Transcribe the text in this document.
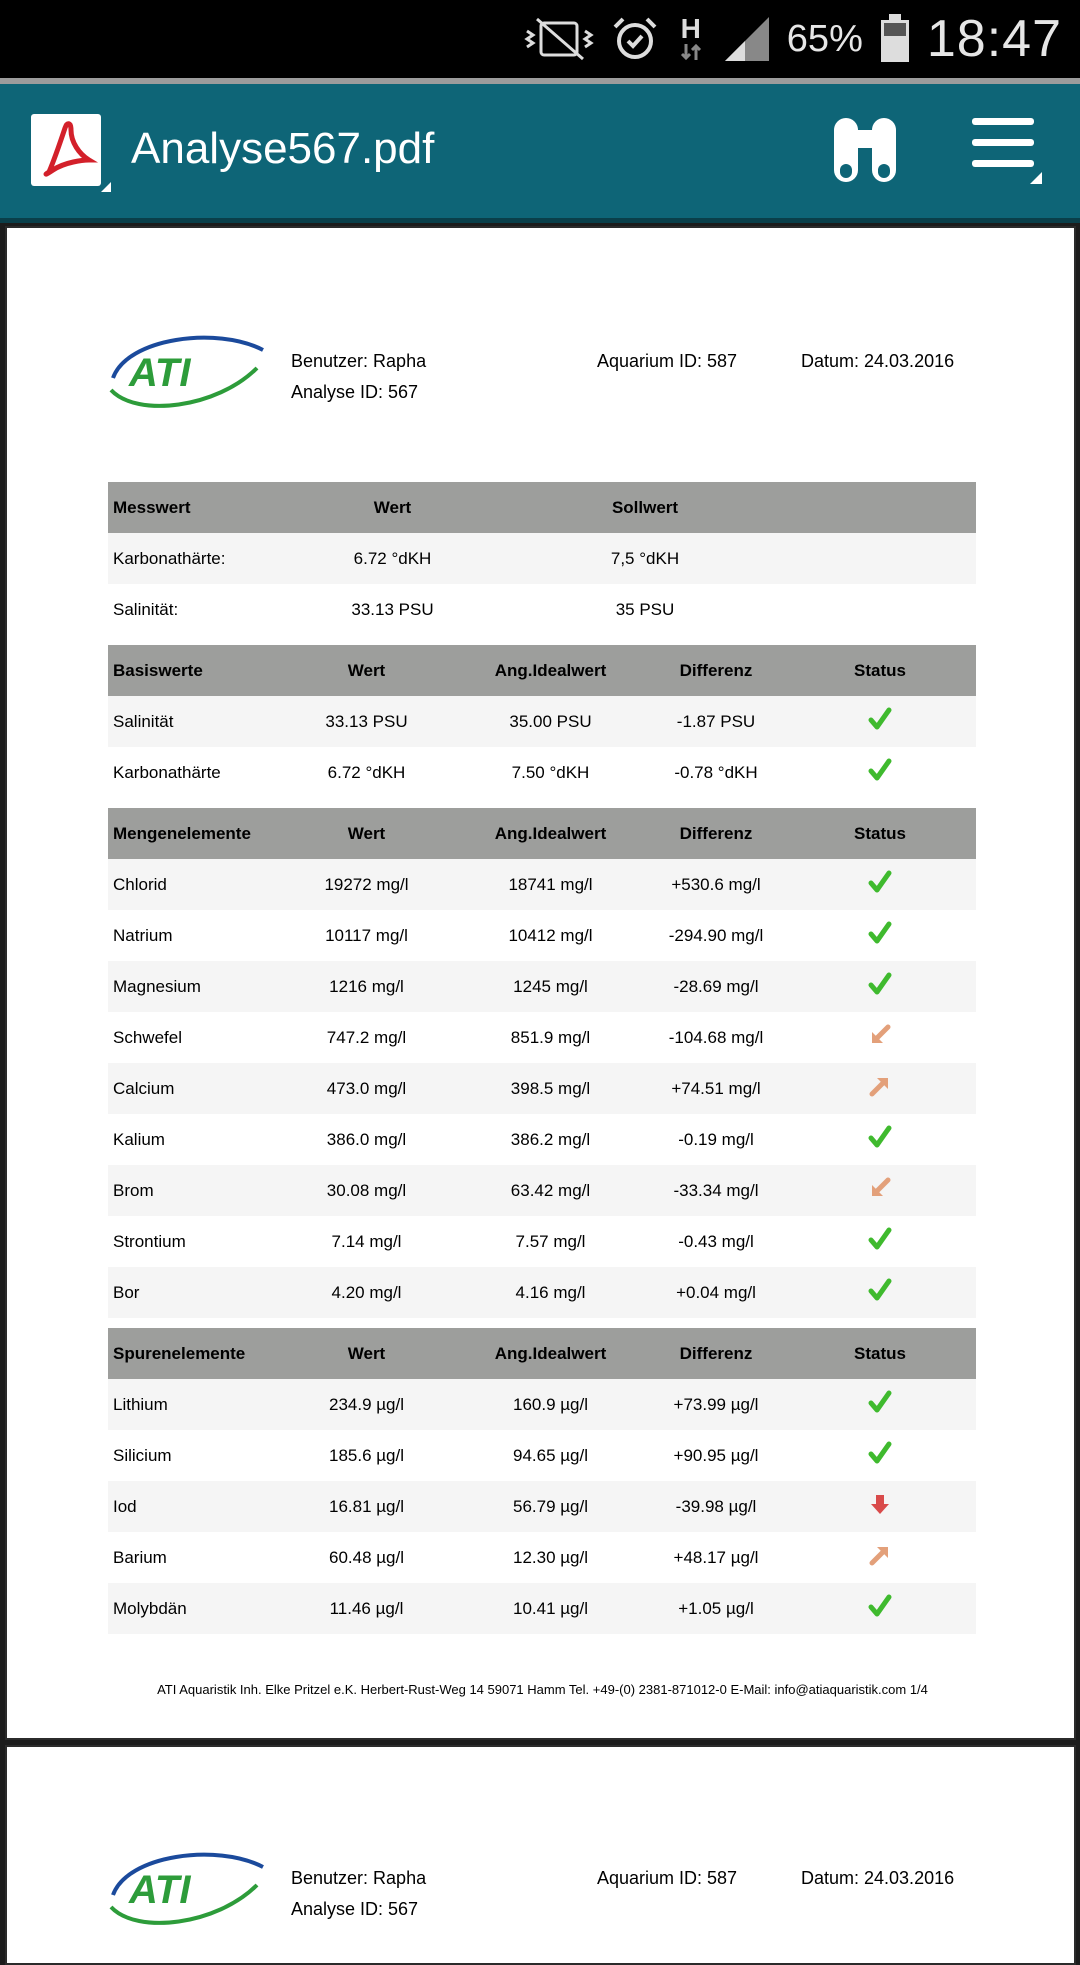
H 65% 18:47
Analyse567.pdf
ATI	Benutzer: Rapha
Analyse ID: 567
Aquarium ID: 587	Datum: 24.03.2016
Messwert	Wert	Sollwert	
Karbonathärte:	6.72 °dKH	7,5 °dKH	
Salinität:	33.13 PSU	35 PSU	
Basiswerte	Wert	Ang.Idealwert	Differenz	Status
Salinität	33.13 PSU	35.00 PSU	-1.87 PSU	
Karbonathärte	6.72 °dKH	7.50 °dKH	-0.78 °dKH	
Mengenelemente	Wert	Ang.Idealwert	Differenz	Status
Chlorid	19272 mg/l	18741 mg/l	+530.6 mg/l	
Natrium	10117 mg/l	10412 mg/l	-294.90 mg/l	
Magnesium	1216 mg/l	1245 mg/l	-28.69 mg/l	
Schwefel	747.2 mg/l	851.9 mg/l	-104.68 mg/l	
Calcium	473.0 mg/l	398.5 mg/l	+74.51 mg/l	
Kalium	386.0 mg/l	386.2 mg/l	-0.19 mg/l	
Brom	30.08 mg/l	63.42 mg/l	-33.34 mg/l	
Strontium	7.14 mg/l	7.57 mg/l	-0.43 mg/l	
Bor	4.20 mg/l	4.16 mg/l	+0.04 mg/l	
Spurenelemente	Wert	Ang.Idealwert	Differenz	Status
Lithium	234.9 µg/l	160.9 µg/l	+73.99 µg/l	
Silicium	185.6 µg/l	94.65 µg/l	+90.95 µg/l	
Iod	16.81 µg/l	56.79 µg/l	-39.98 µg/l	
Barium	60.48 µg/l	12.30 µg/l	+48.17 µg/l	
Molybdän	11.46 µg/l	10.41 µg/l	+1.05 µg/l	
ATI Aquaristik Inh. Elke Pritzel e.K. Herbert-Rust-Weg 14 59071 Hamm Tel. +49-(0) 2381-871012-0 E-Mail: info@atiaquaristik.com 1/4
ATI	Benutzer: Rapha
Analyse ID: 567
Aquarium ID: 587	Datum: 24.03.2016
